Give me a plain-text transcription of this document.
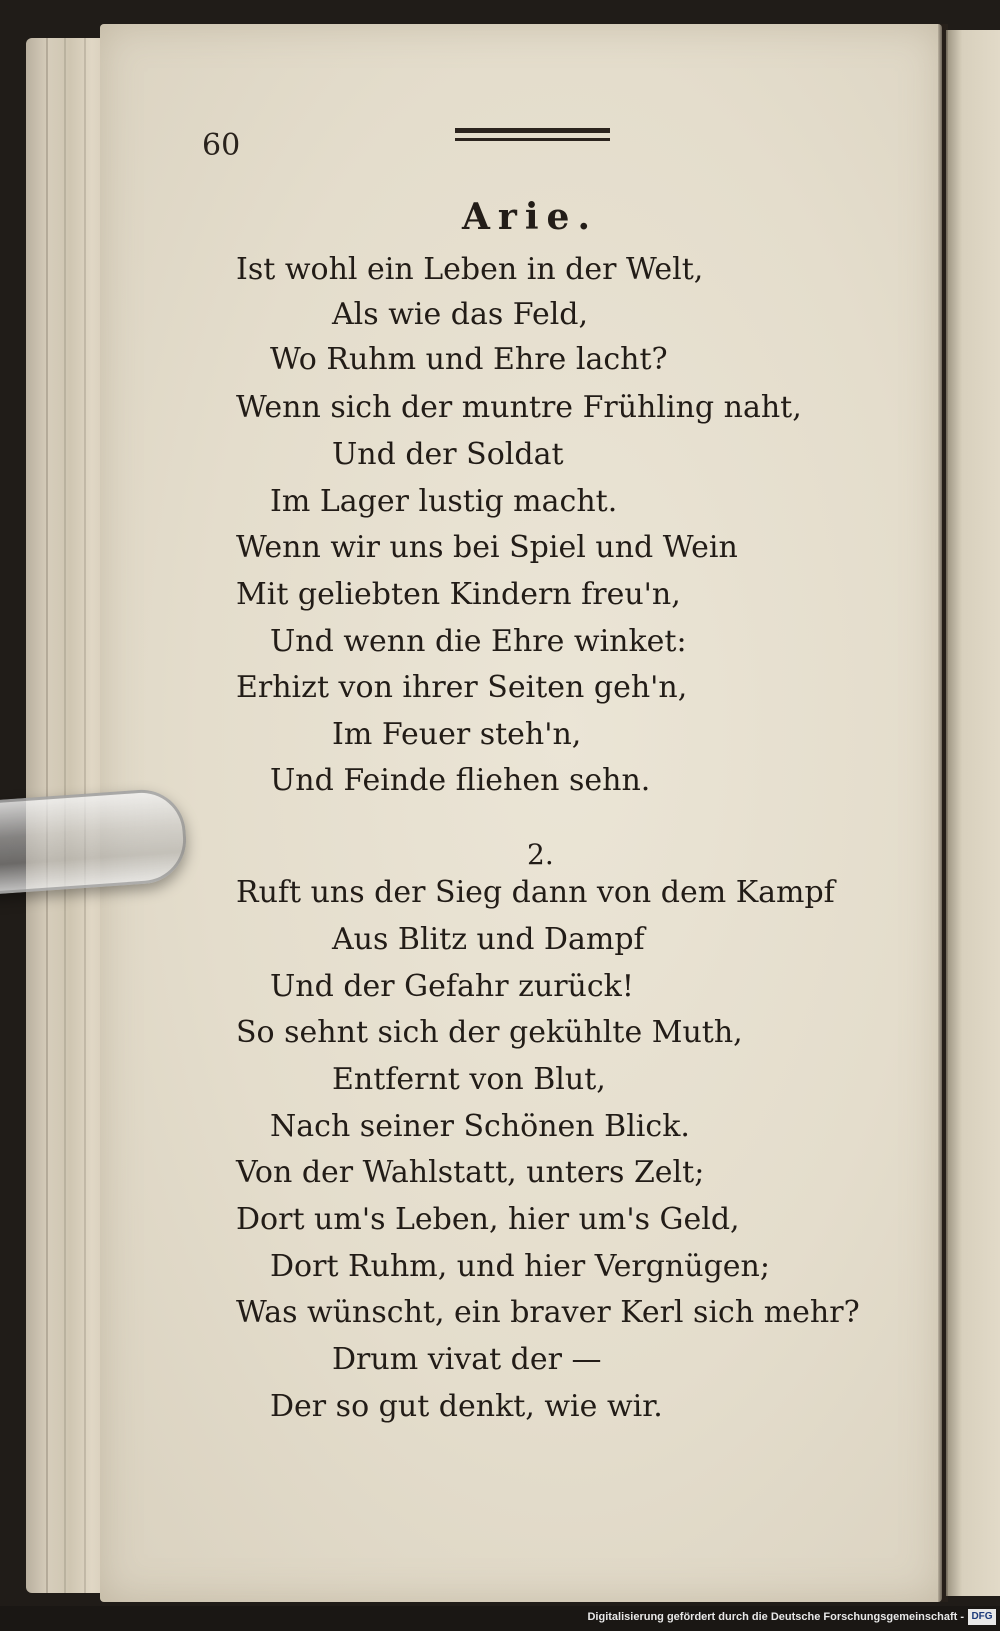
60
Arie.
Ist wohl ein Leben in der Welt,
Als wie das Feld,
Wo Ruhm und Ehre lacht?
Wenn sich der muntre Frühling naht,
Und der Soldat
Im Lager lustig macht.
Wenn wir uns bei Spiel und Wein
Mit geliebten Kindern freu'n,
Und wenn die Ehre winket:
Erhizt von ihrer Seiten geh'n,
Im Feuer steh'n,
Und Feinde fliehen sehn.
2.
Ruft uns der Sieg dann von dem Kampf
Aus Blitz und Dampf
Und der Gefahr zurück!
So sehnt sich der gekühlte Muth,
Entfernt von Blut,
Nach seiner Schönen Blick.
Von der Wahlstatt, unters Zelt;
Dort um's Leben, hier um's Geld,
Dort Ruhm, und hier Vergnügen;
Was wünscht, ein braver Kerl sich mehr?
Drum vivat der —
Der so gut denkt, wie wir.
Digitalisierung gefördert durch die Deutsche Forschungsgemeinschaft - DFG
